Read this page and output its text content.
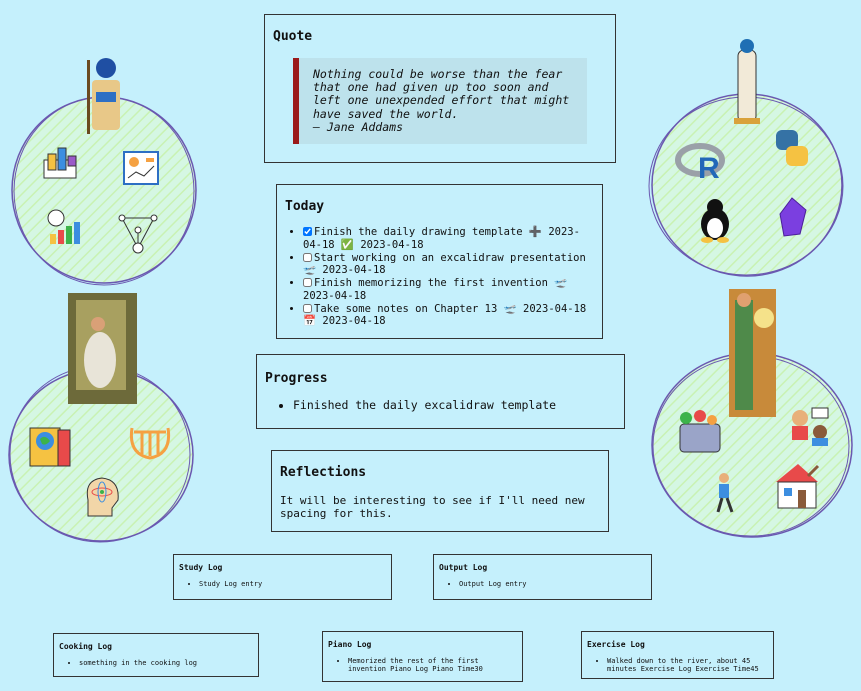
R
Quote
Nothing could be worse than the fear that one had given up too soon and left one unexpended effort that might have saved the world.
– Jane Addams
Today
• Finish the daily drawing template ➕ 2023-04-18 ✅ 2023-04-18
• Start working on an excalidraw presentation 🛫 2023-04-18
• Finish memorizing the first invention 🛫 2023-04-18
• Take some notes on Chapter 13 🛫 2023-04-18 📅 2023-04-18
Progress
• Finished the daily excalidraw template
Reflections

It will be interesting to see if I'll need new spacing for this.

Study Log
• Study Log entry
Output Log
• Output Log entry
Cooking Log
• something in the cooking log
Piano Log
• Memorized the rest of the first invention Piano Log Piano Time30
Exercise Log
• Walked down to the river, about 45 minutes Exercise Log Exercise Time45
